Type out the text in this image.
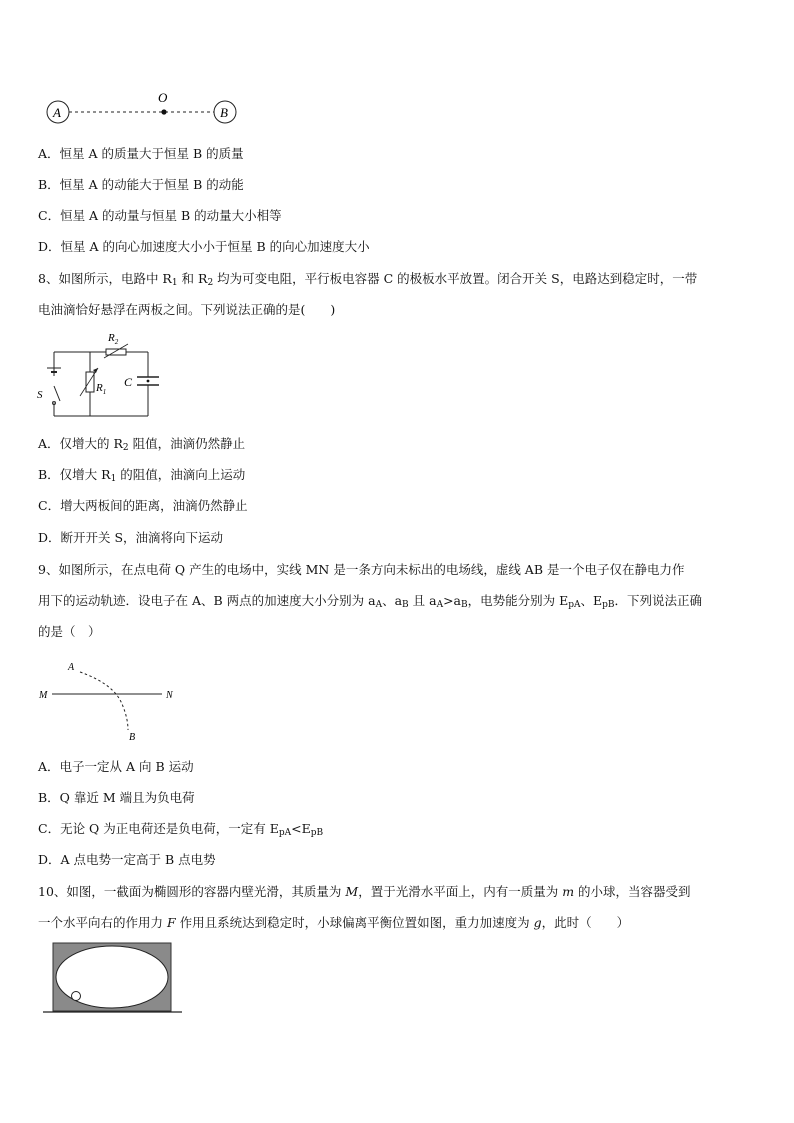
A
O
B
A．恒星 A 的质量大于恒星 B 的质量
B．恒星 A 的动能大于恒星 B 的动能
C．恒星 A 的动量与恒星 B 的动量大小相等
D．恒星 A 的向心加速度大小小于恒星 B 的向心加速度大小
8、如图所示，电路中 $R_1$ 和 $R_2$ 均为可变电阻，平行板电容器 C 的极板水平放置。闭合开关 S，电路达到稳定时，一带
电油滴恰好悬浮在两板之间。下列说法正确的是(　　)
S
$R_2$
$R_1$
C
A．仅增大的 $R_2$ 阻值，油滴仍然静止
B．仅增大 $R_1$ 的阻值，油滴向上运动
C．增大两板间的距离，油滴仍然静止
D．断开开关 S，油滴将向下运动
9、如图所示，在点电荷 Q 产生的电场中，实线 MN 是一条方向未标出的电场线，虚线 AB 是一个电子仅在静电力作
用下的运动轨迹．设电子在 A、B 两点的加速度大小分别为 $a_A$、$a_B$ 且 $a_A>a_B$，电势能分别为 $E_{pA}$、$E_{pB}$．下列说法正确
的是（　）
M	N
A
B
A．电子一定从 A 向 B 运动
B．Q 靠近 M 端且为负电荷
C．无论 Q 为正电荷还是负电荷，一定有 $E_{pA}<E_{pB}$
D．A 点电势一定高于 B 点电势
10、如图，一截面为椭圆形的容器内壁光滑，其质量为 M，置于光滑水平面上，内有一质量为 m 的小球，当容器受到
一个水平向右的作用力 F 作用且系统达到稳定时，小球偏离平衡位置如图，重力加速度为 g，此时（　　）
